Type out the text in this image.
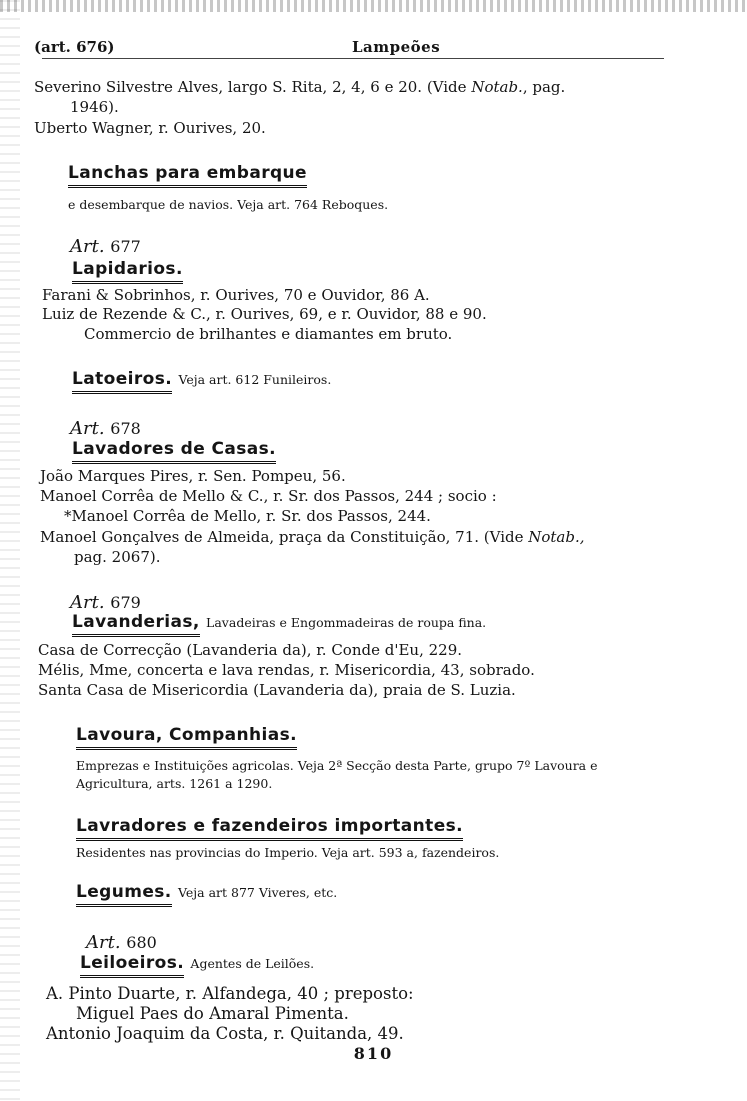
(art. 676)	Lampeões
Severino Silvestre Alves, largo S. Rita, 2, 4, 6 e 20. (Vide Notab., pag.
1946).
Uberto Wagner, r. Ourives, 20.
Lanchas para embarque
e desembarque de navios. Veja art. 764 Reboques.
Art. 677
Lapidarios.
Farani & Sobrinhos, r. Ourives, 70 e Ouvidor, 86 A.
Luiz de Rezende & C., r. Ourives, 69, e r. Ouvidor, 88 e 90.
Commercio de brilhantes e diamantes em bruto.
Latoeiros. Veja art. 612 Funileiros.
Art. 678
Lavadores de Casas.
João Marques Pires, r. Sen. Pompeu, 56.
Manoel Corrêa de Mello & C., r. Sr. dos Passos, 244 ; socio :
*Manoel Corrêa de Mello, r. Sr. dos Passos, 244.
Manoel Gonçalves de Almeida, praça da Constituição, 71. (Vide Notab.,
pag. 2067).
Art. 679
Lavanderias, Lavadeiras e Engommadeiras de roupa fina.
Casa de Correcção (Lavanderia da), r. Conde d'Eu, 229.
Mélis, Mme, concerta e lava rendas, r. Misericordia, 43, sobrado.
Santa Casa de Misericordia (Lavanderia da), praia de S. Luzia.
Lavoura, Companhias.
Emprezas e Instituições agricolas. Veja 2ª Secção desta Parte, grupo 7º Lavoura e
Agricultura, arts. 1261 a 1290.
Lavradores e fazendeiros importantes.
Residentes nas provincias do Imperio. Veja art. 593 a, fazendeiros.
Legumes. Veja art 877 Viveres, etc.
Art. 680
Leiloeiros. Agentes de Leilões.
A. Pinto Duarte, r. Alfandega, 40 ; preposto:
Miguel Paes do Amaral Pimenta.
Antonio Joaquim da Costa, r. Quitanda, 49.
810
